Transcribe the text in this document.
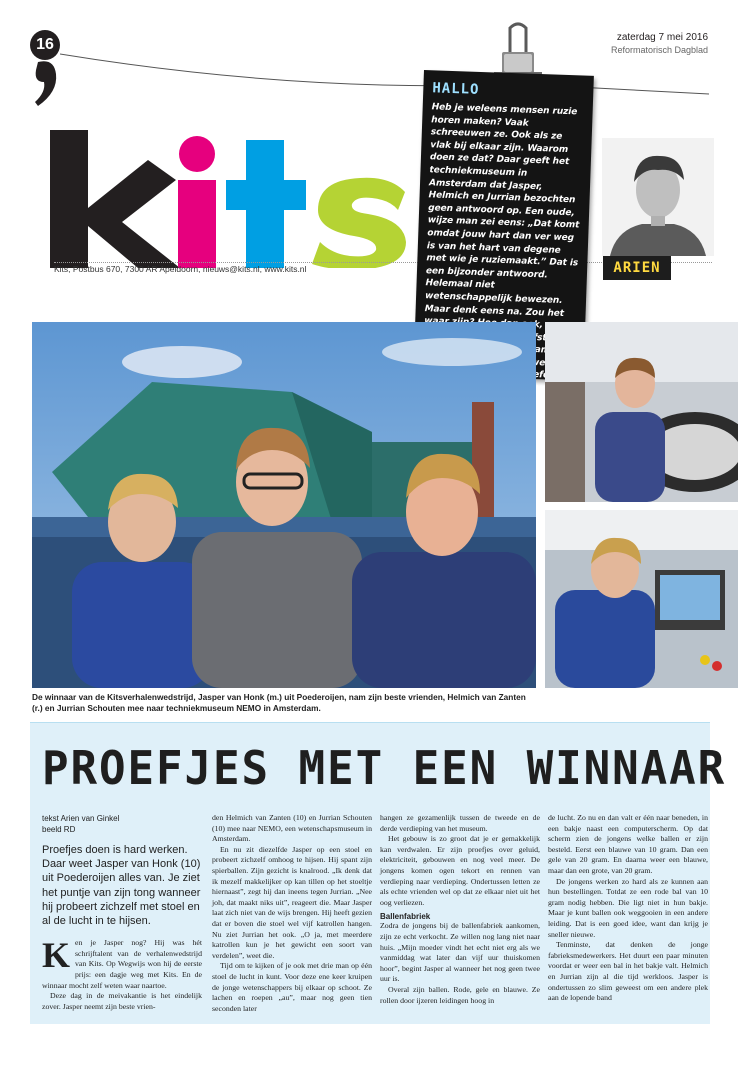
16	zaterdag 7 mei 2016
Reformatorisch Dagblad
Kits, Postbus 670, 7300 AR Apeldoorn, nieuws@kits.nl, www.kits.nl
HALLO
Heb je weleens mensen ruzie horen maken? Vaak schreeuwen ze. Ook als ze vlak bij elkaar zijn. Waarom doen ze dat? Daar geeft het techniekmuseum in Amsterdam dat Jasper, Helmich en Jurrian bezochten geen antwoord op. Een oude, wijze man zei eens: „Dat komt omdat jouw hart dan ver weg is van het hart van degene met wie je ruziemaakt.” Dat is een bijzonder antwoord. Helemaal niet wetenschappelijk bewezen. Maar denk eens na. Zou het waar telefoon over jongens
ARIEN
De winnaar van de Kitsverhalenwedstrijd, Jasper van Honk (m.) uit Poederoijen, nam zijn beste vrienden, Helmich van Zanten (r.) en Jurrian Schouten mee naar techniekmuseum NEMO in Amsterdam.
PROEFJES MET EEN WINNAAR
tekst Arien van Ginkel
beeld RD
Proefjes doen is hard werken. Daar weet Jasper van Honk (10) uit Poederoijen alles van. Je ziet het puntje van zijn tong wanneer hij probeert zichzelf met stoel en al de lucht in te hijsen.

Ken je Jasper nog? Hij was hét schrijftalent van de verhalenwedstrijd van Kits. Op Wegwijs won hij de eerste prijs: een dagje weg met Kits. En de winnaar mocht zelf weten waar naartoe.

Deze dag in de meivakantie is het eindelijk zover. Jasper neemt zijn beste vrien-

den Helmich van Zanten (10) en Jurrian Schouten (10) mee naar NEMO, een wetenschapsmuseum in Amsterdam.

En nu zit diezelfde Jasper op een stoel en probeert zichzelf omhoog te hijsen. Hij spant zijn spierballen. Zijn gezicht is knalrood. „Ik denk dat ik mezelf makkelijker op kan tillen op het stoeltje hiernaast”, zegt hij dan ineens tegen Jurrian. „Nee joh, dat maakt niks uit”, reageert die. Maar Jasper laat zich niet van de wijs brengen. Hij heeft gezien dat er boven die stoel wel vijf katrollen hangen. Nu ziet Jurrian het ook. „O ja, met meerdere katrollen kun je het gewicht een soort van verdelen”, weet die.

Tijd om te kijken of je ook met drie man op één stoel de lucht in kunt. Voor deze ene keer kruipen de jonge wetenschappers bij elkaar op schoot. Ze lachen en roepen „au”, maar nog geen tien seconden later

hangen ze gezamenlijk tussen de tweede en de derde verdieping van het museum.

Het gebouw is zo groot dat je er gemakkelijk kan verdwalen. Er zijn proefjes over geluid, elektriciteit, gebouwen en nog veel meer. De jongens komen ogen tekort en rennen van verdieping naar verdieping. Ondertussen letten ze als echte vrienden wel op dat ze elkaar niet uit het oog verliezen.

Ballenfabriek

Zodra de jongens bij de ballenfabriek aankomen, zijn ze echt verkocht. Ze willen nog lang niet naar huis. „Mijn moeder vindt het echt niet erg als we vanmiddag wat later dan vijf uur thuiskomen hoor”, begint Jasper al wanneer het nog geen twee uur is.

Overal zijn ballen. Rode, gele en blauwe. Ze rollen door ijzeren leidingen hoog in

de lucht. Zo nu en dan valt er één naar beneden, in een bakje naast een computerscherm. Op dat scherm zien de jongens welke ballen er zijn besteld. Eerst een blauwe van 10 gram. Dan een gele van 20 gram. En daarna weer een blauwe, maar dan een grote, van 20 gram.

De jongens werken zo hard als ze kunnen aan hun bestellingen. Totdat ze een rode bal van 10 gram nodig hebben. Die ligt niet in hun bakje. Maar je kunt ballen ook weggooien in een andere leiding. Dat is een goed idee, want dan krijg je sneller nieuwe.

Tenminste, dat denken de jonge fabrieksmedewerkers. Het duurt een paar minuten voordat er weer een bal in het bakje valt. Helmich en Jurrian zijn al die tijd werkloos. Jasper is ondertussen zo slim geweest om een andere plek aan de lopende band
